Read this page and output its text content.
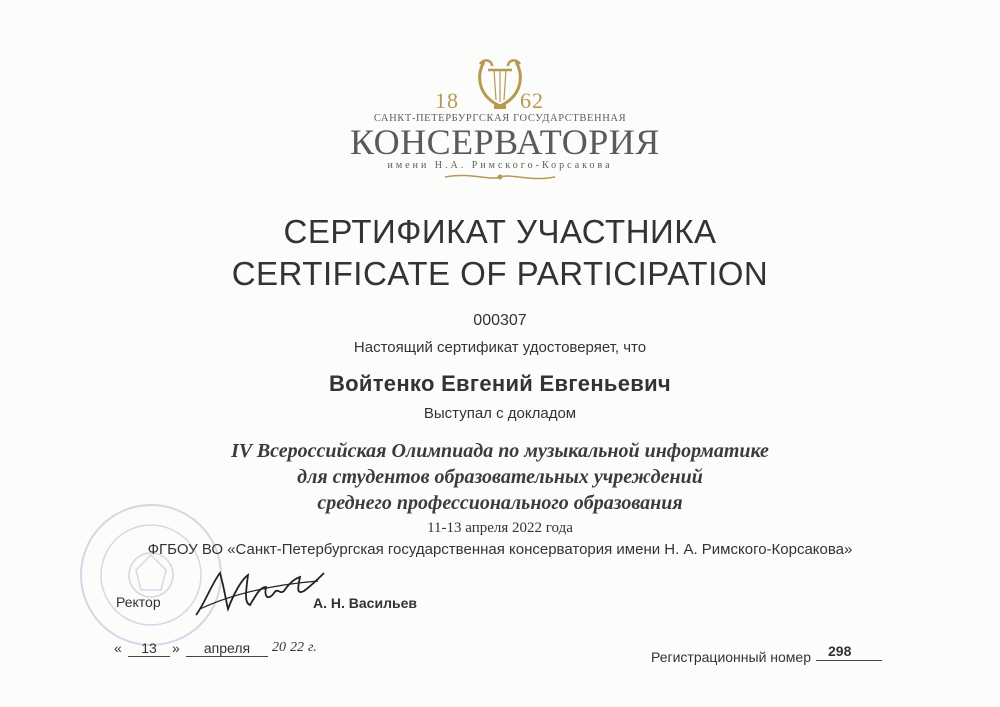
18	62
САНКТ-ПЕТЕРБУРГСКАЯ ГОСУДАРСТВЕННАЯ
КОНСЕРВАТОРИЯ
имени Н.А. Римского-Корсакова
СЕРТИФИКАТ УЧАСТНИКА
CERTIFICATE OF PARTICIPATION
000307
Настоящий сертификат удостоверяет, что
Войтенко Евгений Евгеньевич
Выступал с докладом
IV Всероссийская Олимпиада по музыкальной информатике
для студентов образовательных учреждений
среднего профессионального образования
11-13 апреля 2022 года
ФГБОУ ВО «Санкт-Петербургская государственная консерватория имени Н. А. Римского-Корсакова»
Ректор	А. Н. Васильев
«	13	»	апреля	20 22 г.
Регистрационный номер	298
